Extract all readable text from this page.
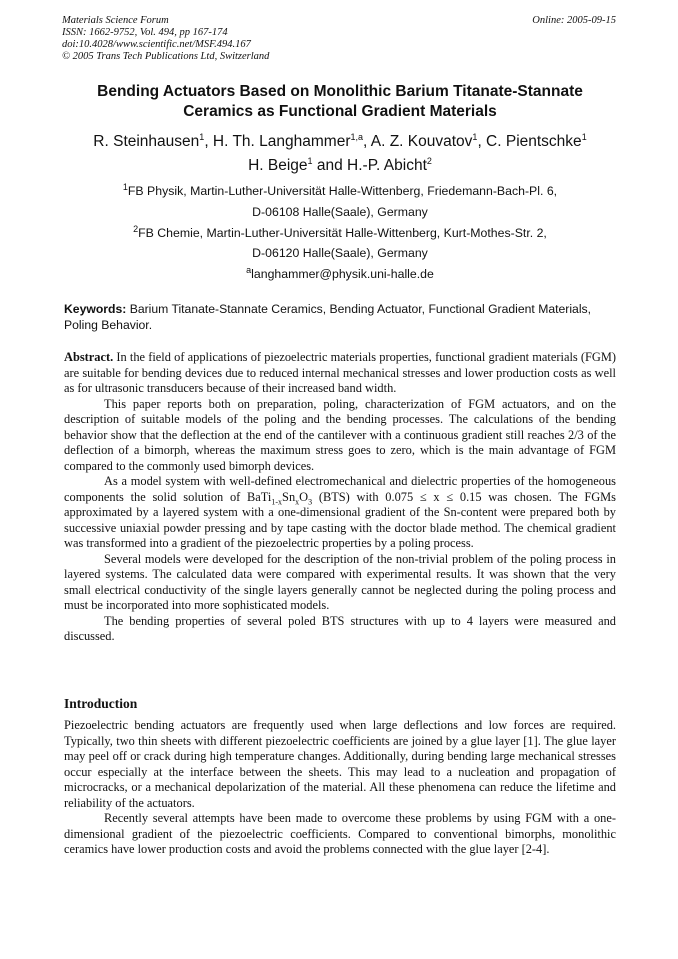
Materials Science Forum
ISSN: 1662-9752, Vol. 494, pp 167-174
doi:10.4028/www.scientific.net/MSF.494.167
© 2005 Trans Tech Publications Ltd, Switzerland
Online: 2005-09-15
Bending Actuators Based on Monolithic Barium Titanate-Stannate
Ceramics as Functional Gradient Materials
R. Steinhausen$^1$, H. Th. Langhammer$^{1,a}$, A. Z. Kouvatov$^1$, C. Pientschke$^1$
H. Beige$^1$ and H.-P. Abicht$^2$
$^1$FB Physik, Martin-Luther-Universität Halle-Wittenberg, Friedemann-Bach-Pl. 6,
D-06108 Halle(Saale), Germany
$^2$FB Chemie, Martin-Luther-Universität Halle-Wittenberg, Kurt-Mothes-Str. 2,
D-06120 Halle(Saale), Germany
$^a$langhammer@physik.uni-halle.de
Keywords: Barium Titanate-Stannate Ceramics, Bending Actuator, Functional Gradient Materials, Poling Behavior.

Abstract. In the field of applications of piezoelectric materials properties, functional gradient materials (FGM) are suitable for bending devices due to reduced internal mechanical stresses and lower production costs as well as for ultrasonic transducers because of their increased band width.

This paper reports both on preparation, poling, characterization of FGM actuators, and on the description of suitable models of the poling and the bending processes. The calculations of the bending behavior show that the deflection at the end of the cantilever with a continuous gradient still reaches 2/3 of the deflection of a bimorph, whereas the maximum stress goes to zero, which is the main advantage of FGM compared to the commonly used bimorph devices.

As a model system with well-defined electromechanical and dielectric properties of the homogeneous components the solid solution of $BaTi_{1-x}Sn_xO_3$ (BTS) with 0.075 ≤ x ≤ 0.15 was chosen. The FGMs approximated by a layered system with a one-dimensional gradient of the Sn-content were prepared both by successive uniaxial powder pressing and by tape casting with the doctor blade method. The chemical gradient was transformed into a gradient of the piezoelectric properties by a poling process.

Several models were developed for the description of the non-trivial problem of the poling process in layered systems. The calculated data were compared with experimental results. It was shown that the very small electrical conductivity of the single layers generally cannot be neglected during the poling process and must be incorporated into more sophisticated models.

The bending properties of several poled BTS structures with up to 4 layers were measured and discussed.

Introduction

Piezoelectric bending actuators are frequently used when large deflections and low forces are required. Typically, two thin sheets with different piezoelectric coefficients are joined by a glue layer [1]. The glue layer may peel off or crack during high temperature changes. Additionally, during bending large mechanical stresses occur especially at the interface between the sheets. This may lead to a nucleation and propagation of microcracks, or a mechanical depolarization of the material. All these phenomena can reduce the lifetime and reliability of the actuators.

Recently several attempts have been made to overcome these problems by using FGM with a one- dimensional gradient of the piezoelectric coefficients. Compared to conventional bimorphs, monolithic ceramics have lower production costs and avoid the problems connected with the glue layer [2-4].
